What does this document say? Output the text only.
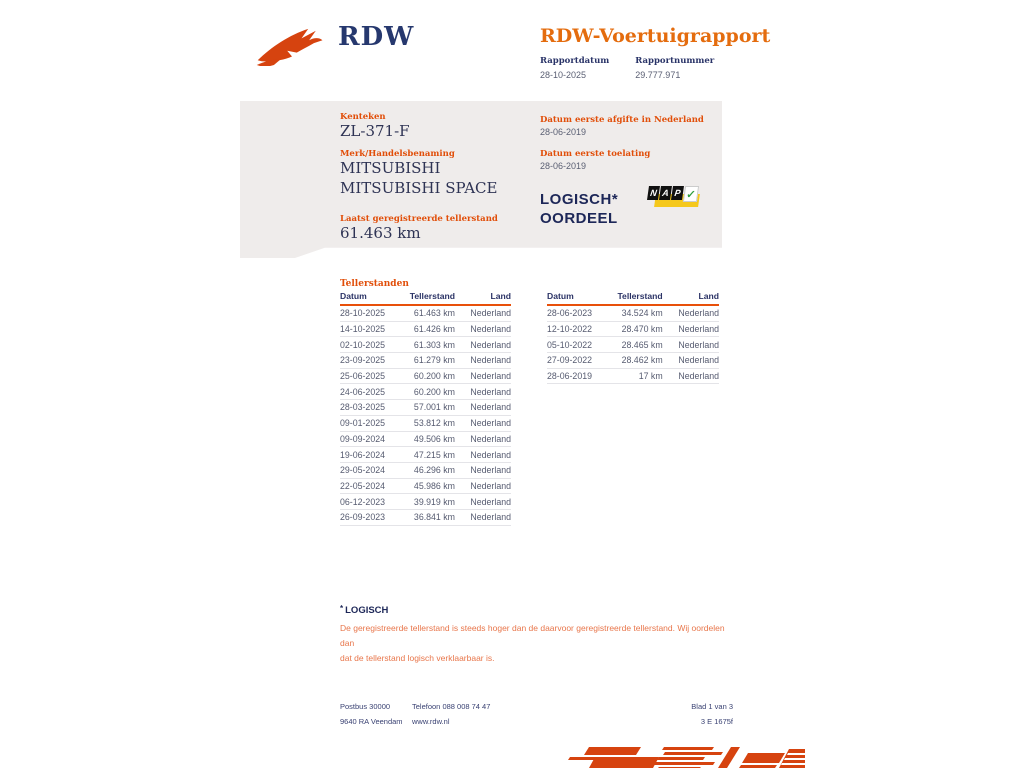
RDW	RDW-Voertuigrapport
Rapportdatum
28-10-2025
Rapportnummer
29.777.971
Kenteken
ZL-371-F
Merk/Handelsbenaming
MITSUBISHI
MITSUBISHI SPACE
Laatst geregistreerde tellerstand
61.463 km
Datum eerste afgifte in Nederland
28-06-2019
Datum eerste toelating
28-06-2019
LOGISCH*
OORDEEL
N A P ✓
Tellerstanden
Datum	Tellerstand	Land
28-10-2025	61.463 km	Nederland
14-10-2025	61.426 km	Nederland
02-10-2025	61.303 km	Nederland
23-09-2025	61.279 km	Nederland
25-06-2025	60.200 km	Nederland
24-06-2025	60.200 km	Nederland
28-03-2025	57.001 km	Nederland
09-01-2025	53.812 km	Nederland
09-09-2024	49.506 km	Nederland
19-06-2024	47.215 km	Nederland
29-05-2024	46.296 km	Nederland
22-05-2024	45.986 km	Nederland
06-12-2023	39.919 km	Nederland
26-09-2023	36.841 km	Nederland
Datum	Tellerstand	Land
28-06-2023	34.524 km	Nederland
12-10-2022	28.470 km	Nederland
05-10-2022	28.465 km	Nederland
27-09-2022	28.462 km	Nederland
28-06-2019	17 km	Nederland
* LOGISCH
De geregistreerde tellerstand is steeds hoger dan de daarvoor geregistreerde tellerstand. Wij oordelen dan
dat de tellerstand logisch verklaarbaar is.
Postbus 30000	Telefoon 088 008 74 47	Blad 1 van 3
9640 RA Veendam	www.rdw.nl	3 E 1675f
